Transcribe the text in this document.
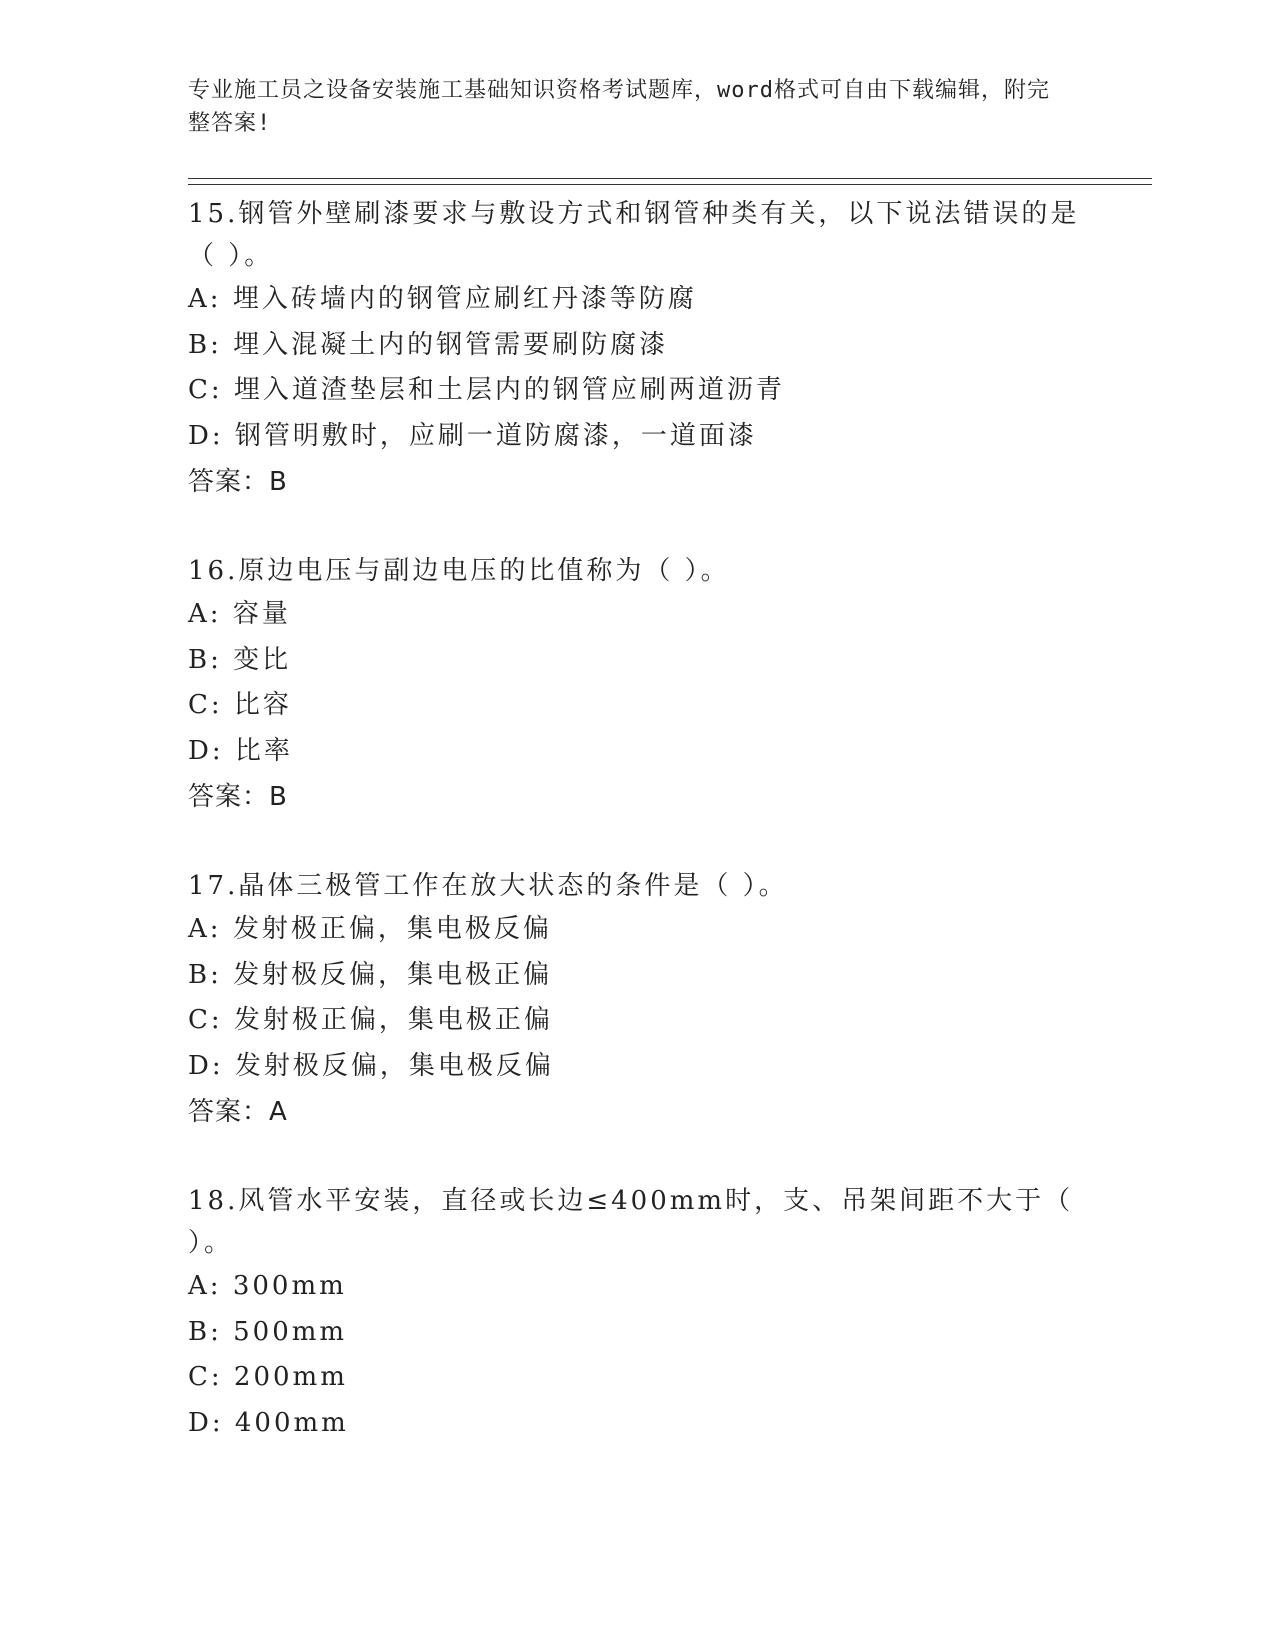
专业施工员之设备安装施工基础知识资格考试题库，word格式可自由下载编辑，附完整答案!
15.钢管外壁刷漆要求与敷设方式和钢管种类有关，以下说法错误的是（ ）。
A: 埋入砖墙内的钢管应刷红丹漆等防腐
B: 埋入混凝土内的钢管需要刷防腐漆
C: 埋入道渣垫层和土层内的钢管应刷两道沥青
D: 钢管明敷时，应刷一道防腐漆，一道面漆
答案：B
16.原边电压与副边电压的比值称为（ ）。
A: 容量
B: 变比
C: 比容
D: 比率
答案：B
17.晶体三极管工作在放大状态的条件是（ ）。
A: 发射极正偏，集电极反偏
B: 发射极反偏，集电极正偏
C: 发射极正偏，集电极正偏
D: 发射极反偏，集电极反偏
答案：A
18.风管水平安装，直径或长边≤400mm时，支、吊架间距不大于（ ）。
A: 300mm
B: 500mm
C: 200mm
D: 400mm
